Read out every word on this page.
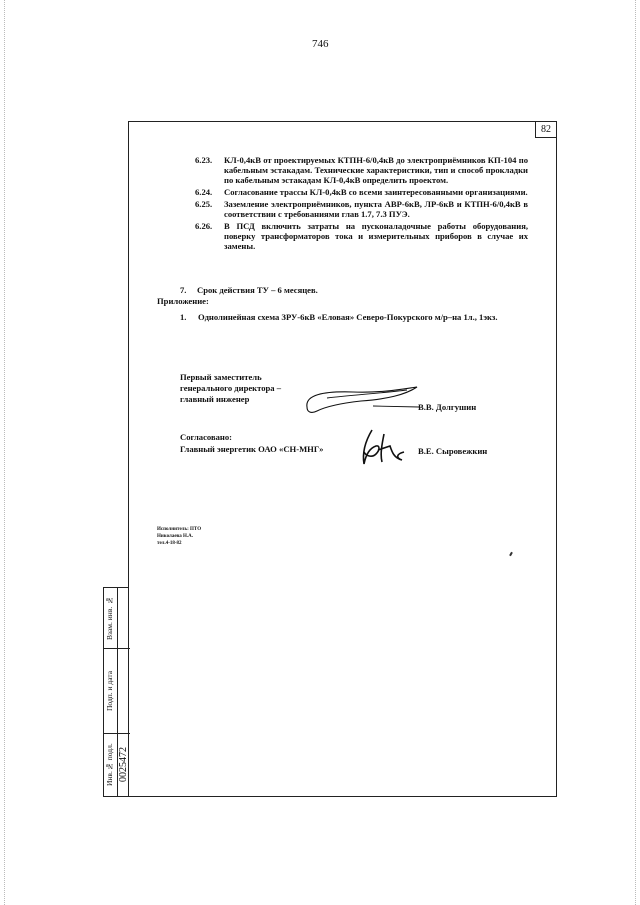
746
82
6.23.	КЛ-0,4кВ от проектируемых КТПН-6/0,4кВ до электроприёмников КП-104 по кабельным эстакадам. Технические характеристики, тип и способ прокладки по кабельным эстакадам КЛ-0,4кВ определить проектом.
6.24.	Согласование трассы КЛ-0,4кВ со всеми заинтересованными организациями.
6.25.	Заземление электроприёмников, пункта АВР-6кВ, ЛР-6кВ и КТПН-6/0,4кВ в соответствии с требованиями глав 1.7, 7.3 ПУЭ.
6.26.	В ПСД включить затраты на пусконаладочные работы оборудования, поверку трансформаторов тока и измерительных приборов в случае их замены.
7. Срок действия ТУ – 6 месяцев.
Приложение:
1. Однолинейная схема ЗРУ-6кВ «Еловая» Северо-Покурского м/р–на 1л., 1экз.
Первый заместитель
генерального директора –
главный инженер
В.В. Долгушин
Согласовано:
Главный энергетик ОАО «СН-МНГ»	В.Е. Сыровежкин
Исполнитель: ПТО
Николаева Н.А.
тел.4-18-82
Взам. инв. №
Подп. и дата
Инв.№ подл. 0025472
